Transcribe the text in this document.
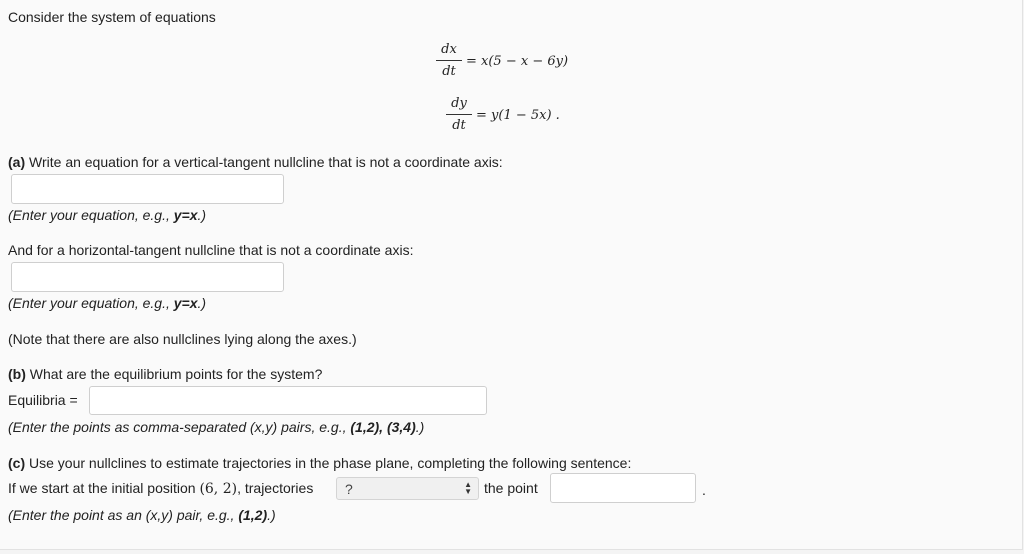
Consider the system of equations
dx
dt
= x(5 − x − 6y)
dy
dt
= y(1 − 5x) .
(a) Write an equation for a vertical-tangent nullcline that is not a coordinate axis:
(Enter your equation, e.g., y=x.)
And for a horizontal-tangent nullcline that is not a coordinate axis:
(Enter your equation, e.g., y=x.)
(Note that there are also nullclines lying along the axes.)
(b) What are the equilibrium points for the system?
Equilibria =
(Enter the points as comma-separated (x,y) pairs, e.g., (1,2), (3,4).)
(c) Use your nullclines to estimate trajectories in the phase plane, completing the following sentence:
If we start at the initial position (6, 2), trajectories	?	▲
▼ the point	.
(Enter the point as an (x,y) pair, e.g., (1,2).)
